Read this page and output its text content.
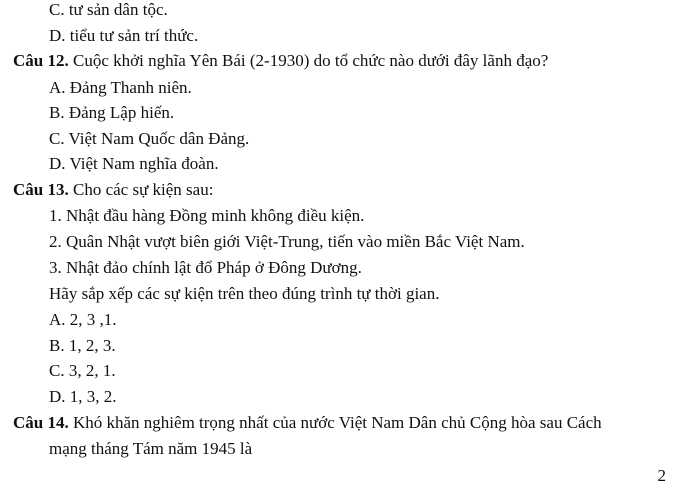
C. tư sản dân tộc.
D. tiểu tư sản trí thức.
Câu 12. Cuộc khởi nghĩa Yên Bái (2-1930) do tổ chức nào dưới đây lãnh đạo?
A. Đảng Thanh niên.
B. Đảng Lập hiến.
C. Việt Nam Quốc dân Đảng.
D. Việt Nam nghĩa đoàn.
Câu 13. Cho các sự kiện sau:
1. Nhật đầu hàng Đồng minh không điều kiện.
2. Quân Nhật vượt biên giới Việt-Trung, tiến vào miền Bắc Việt Nam.
3. Nhật đảo chính lật đổ Pháp ở Đông Dương.
Hãy sắp xếp các sự kiện trên theo đúng trình tự thời gian.
A. 2, 3 ,1.
B. 1, 2, 3.
C. 3, 2, 1.
D. 1, 3, 2.
Câu 14. Khó khăn nghiêm trọng nhất của nước Việt Nam Dân chủ Cộng hòa sau Cách
mạng tháng Tám năm 1945 là
2
